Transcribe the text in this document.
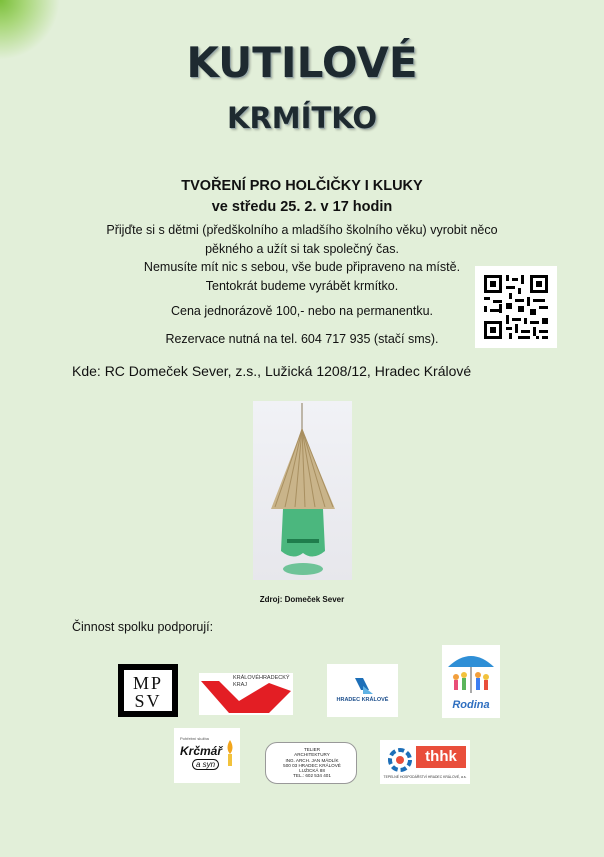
KUTILOVÉ
KRMÍTKO
TVOŘENÍ PRO HOLČIČKY I KLUKY
ve středu 25. 2. v 17 hodin
Přijďte si s dětmi (předškolního a mladšího školního věku) vyrobit něco
pěkného a užít si tak společný čas.
Nemusíte mít nic s sebou, vše bude připraveno na místě.
Tentokrát budeme vyrábět krmítko.
Cena jednorázově 100,- nebo na permanentku.
Rezervace nutná na tel. 604 717 935 (stačí sms).
Kde: RC Domeček Sever, z.s., Lužická 1208/12, Hradec Králové
Zdroj: Domeček Sever
Činnost spolku podporují:
MP
SV
KRÁLOVÉHRADECKÝ
KRAJ
HRADEC KRÁLOVÉ	Rodina
Pohřební služba
Krčmář
a syn
TELIER
ARCHITEKTURY
ING. ARCH. JAN MÁDLÍK
500 03 HRADEC KRÁLOVÉ
LUŽICKÁ 88
TEL.: 602 534 401
thhk
TEPELNÉ HOSPODÁŘSTVÍ HRADEC KRÁLOVÉ, a.s.
